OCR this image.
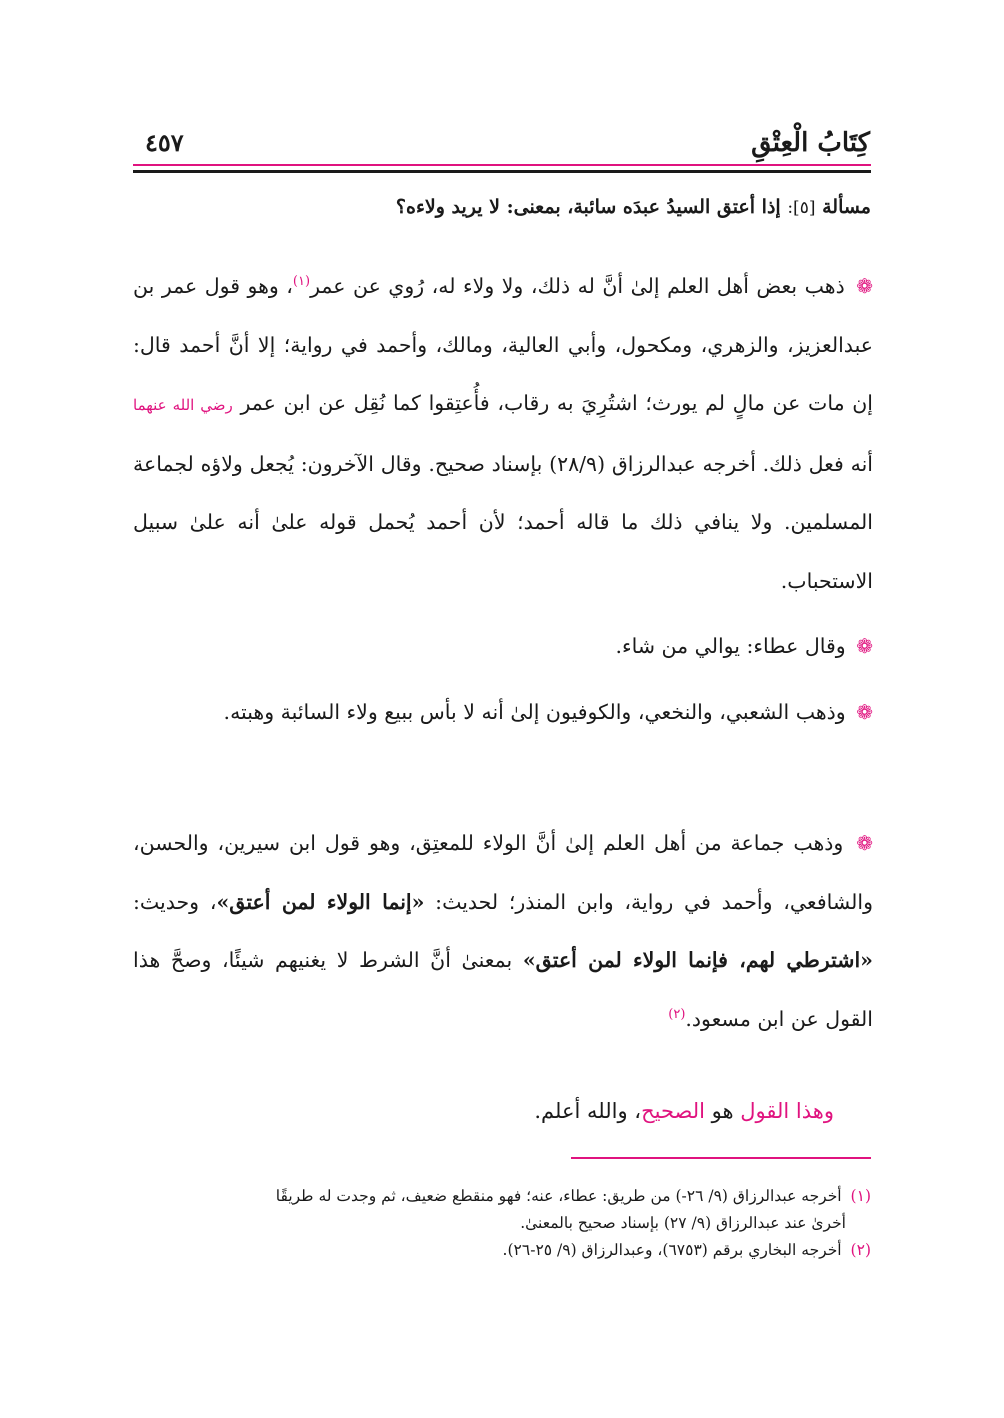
كِتَابُ الْعِتْقِ
٤٥٧
مسألة [٥]: إذا أعتق السيدُ عبدَه سائبة، بمعنى: لا يريد ولاءه؟
❁ ذهب بعض أهل العلم إلىٰ أنَّ له ذلك، ولا ولاء له، رُوي عن عمر$^{(١)}$، وهو قول عمر بن عبدالعزيز، والزهري، ومكحول، وأبي العالية، ومالك، وأحمد في رواية؛ إلا أنَّ أحمد قال: إن مات عن مالٍ لم يورث؛ اشتُرِيَ به رقاب، فأُعتِقوا كما نُقِل عن ابن عمر رضي الله عنهما أنه فعل ذلك. أخرجه عبدالرزاق (٢٨/٩) بإسناد صحيح. وقال الآخرون: يُجعل ولاؤه لجماعة المسلمين. ولا ينافي ذلك ما قاله أحمد؛ لأن أحمد يُحمل قوله علىٰ أنه علىٰ سبيل الاستحباب.
❁ وقال عطاء: يوالي من شاء.
❁ وذهب الشعبي، والنخعي، والكوفيون إلىٰ أنه لا بأس ببيع ولاء السائبة وهبته.
❁ وذهب جماعة من أهل العلم إلىٰ أنَّ الولاء للمعتِق، وهو قول ابن سيرين، والحسن، والشافعي، وأحمد في رواية، وابن المنذر؛ لحديث: «إنما الولاء لمن أعتق»، وحديث: «اشترطي لهم، فإنما الولاء لمن أعتق» بمعنىٰ أنَّ الشرط لا يغنيهم شيئًا، وصحَّ هذا القول عن ابن مسعود.$^{(٢)}$
وهذا القول هو الصحيح، والله أعلم.
(١) أخرجه عبدالرزاق (٩/ ٢٦-) من طريق: عطاء، عنه؛ فهو منقطع ضعيف، ثم وجدت له طريقًا
أخرىٰ عند عبدالرزاق (٩/ ٢٧) بإسناد صحيح بالمعنىٰ.
(٢) أخرجه البخاري برقم (٦٧٥٣)، وعبدالرزاق (٩/ ٢٥-٢٦).
